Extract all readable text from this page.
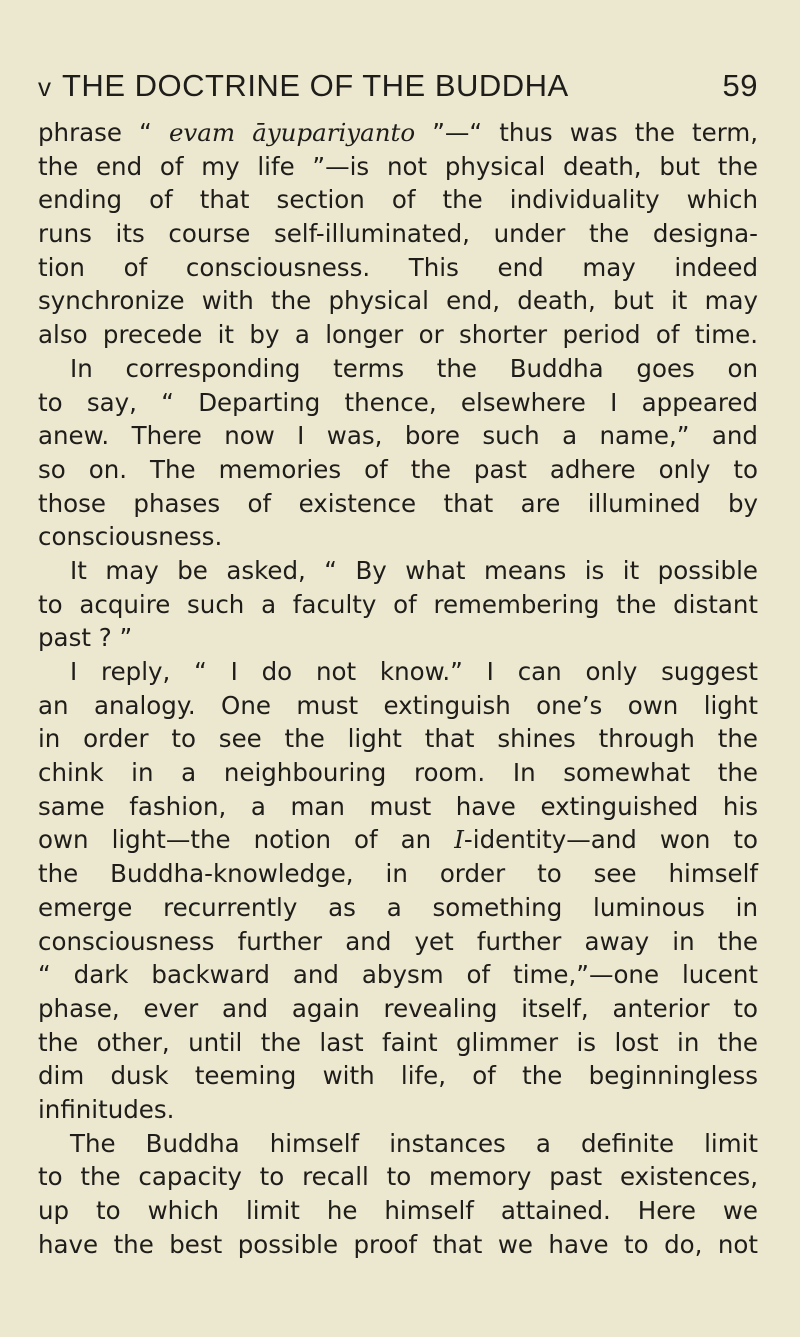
v THE DOCTRINE OF THE BUDDHA	59
phrase “ evam āyupariyanto ”—“ thus was the term,
the end of my life ”—is not physical death, but the
ending of that section of the individuality which
runs its course self-illuminated, under the designa-
tion of consciousness. This end may indeed
synchronize with the physical end, death, but it may
also precede it by a longer or shorter period of time.
In corresponding terms the Buddha goes on
to say, “ Departing thence, elsewhere I appeared
anew. There now I was, bore such a name,” and
so on. The memories of the past adhere only to
those phases of existence that are illumined by
consciousness.
It may be asked, “ By what means is it possible
to acquire such a faculty of remembering the distant
past ? ”
I reply, “ I do not know.” I can only suggest
an analogy. One must extinguish one’s own light
in order to see the light that shines through the
chink in a neighbouring room. In somewhat the
same fashion, a man must have extinguished his
own light—the notion of an I-identity—and won to
the Buddha-knowledge, in order to see himself
emerge recurrently as a something luminous in
consciousness further and yet further away in the
“ dark backward and abysm of time,”—one lucent
phase, ever and again revealing itself, anterior to
the other, until the last faint glimmer is lost in the
dim dusk teeming with life, of the beginningless
infinitudes.
The Buddha himself instances a definite limit
to the capacity to recall to memory past existences,
up to which limit he himself attained. Here we
have the best possible proof that we have to do, not
